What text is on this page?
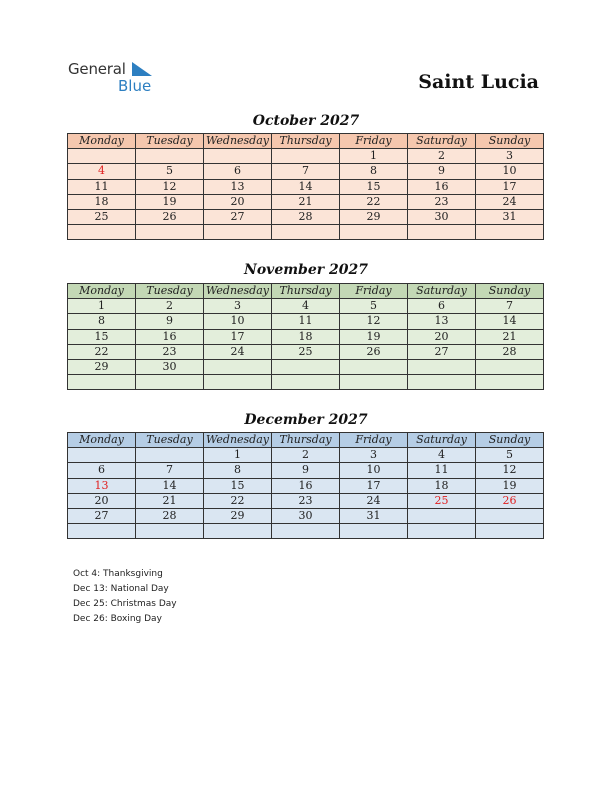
General
Blue	Saint Lucia
October 2027
Monday	Tuesday	Wednesday	Thursday	Friday	Saturday	Sunday
				1	2	3
4	5	6	7	8	9	10
11	12	13	14	15	16	17
18	19	20	21	22	23	24
25	26	27	28	29	30	31

November 2027
Monday	Tuesday	Wednesday	Thursday	Friday	Saturday	Sunday
1	2	3	4	5	6	7
8	9	10	11	12	13	14
15	16	17	18	19	20	21
22	23	24	25	26	27	28
29	30					

December 2027
Monday	Tuesday	Wednesday	Thursday	Friday	Saturday	Sunday
		1	2	3	4	5
6	7	8	9	10	11	12
13	14	15	16	17	18	19
20	21	22	23	24	25	26
27	28	29	30	31		

Oct 4: Thanksgiving
Dec 13: National Day
Dec 25: Christmas Day
Dec 26: Boxing Day
